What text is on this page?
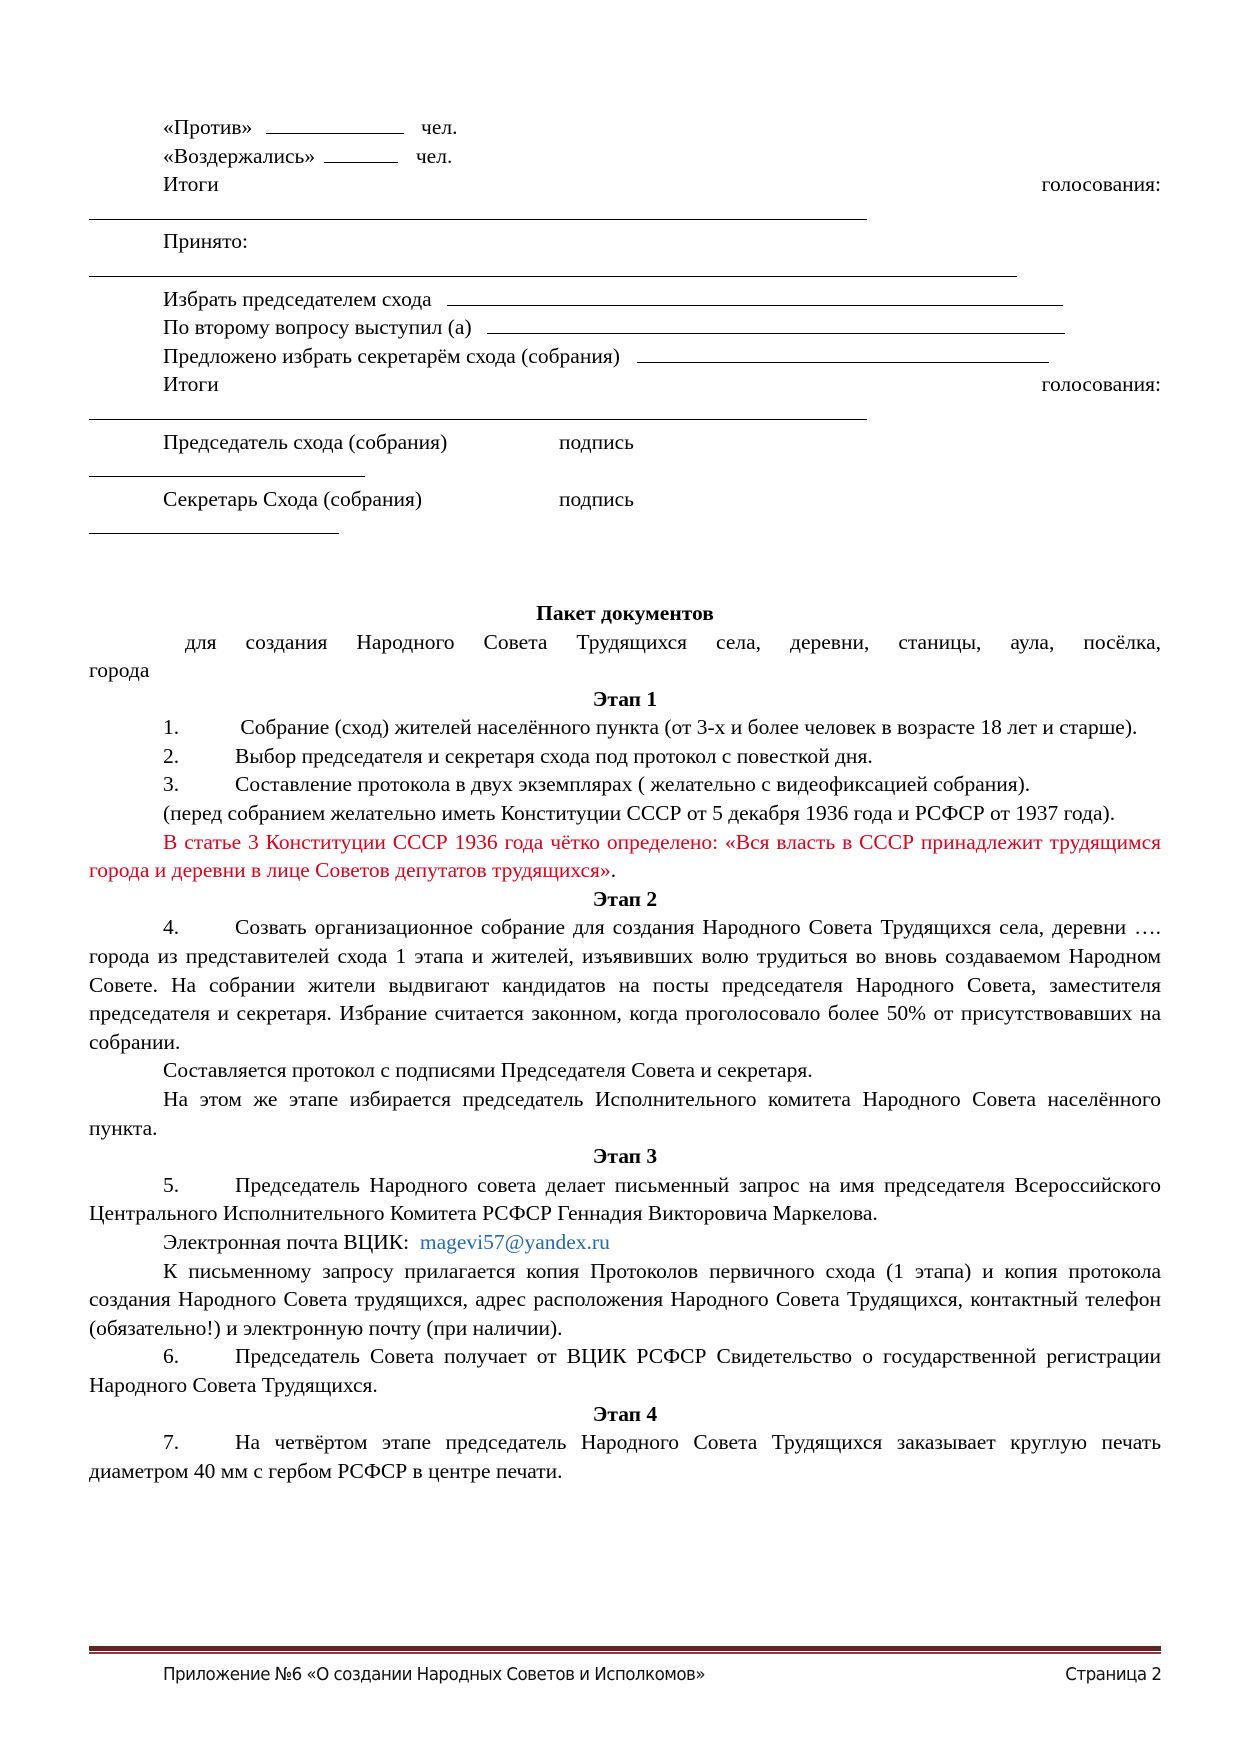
«Против»	чел.
«Воздержались»	чел.
Итоги	голосования:
Принято:
Избрать председателем схода
По второму вопросу выступил (а)
Предложено избрать секретарём схода (собрания)
Итоги	голосования:
Председатель схода (собрания)	подпись
Секретарь Схода (собрания)	подпись
Пакет документов
для создания Народного Совета Трудящихся села, деревни, станицы, аула, посёлка,
города
Этап 1
1.	Собрание (сход) жителей населённого пункта (от 3-х и более человек в возрасте 18 лет и старше).
2.	Выбор председателя и секретаря схода под протокол с повесткой дня.
3.	Составление протокола в двух экземплярах ( желательно с видеофиксацией собрания).
(перед собранием желательно иметь Конституции СССР от 5 декабря 1936 года и РСФСР от 1937 года).
В статье 3 Конституции СССР 1936 года чётко определено: «Вся власть в СССР принадлежит трудящимся города и деревни в лице Советов депутатов трудящихся».
Этап 2
4.	Созвать организационное собрание для создания Народного Совета Трудящихся села, деревни …. города из представителей схода 1 этапа и жителей, изъявивших волю трудиться во вновь создаваемом Народном Совете. На собрании жители выдвигают кандидатов на посты председателя Народного Совета, заместителя председателя и секретаря. Избрание считается законном, когда проголосовало более 50% от присутствовавших на собрании.
Составляется протокол с подписями Председателя Совета и секретаря.
На этом же этапе избирается председатель Исполнительного комитета Народного Совета населённого пункта.
Этап 3
5.	Председатель Народного совета делает письменный запрос на имя председателя Всероссийского Центрального Исполнительного Комитета РСФСР Геннадия Викторовича Маркелова.
Электронная почта ВЦИК: magevi57@yandex.ru
К письменному запросу прилагается копия Протоколов первичного схода (1 этапа) и копия протокола создания Народного Совета трудящихся, адрес расположения Народного Совета Трудящихся, контактный телефон (обязательно!) и электронную почту (при наличии).
6.	Председатель Совета получает от ВЦИК РСФСР Свидетельство о государственной регистрации Народного Совета Трудящихся.
Этап 4
7.	На четвёртом этапе председатель Народного Совета Трудящихся заказывает круглую печать диаметром 40 мм с гербом РСФСР в центре печати.
Приложение №6 «О создании Народных Советов и Исполкомов»	Страница 2
